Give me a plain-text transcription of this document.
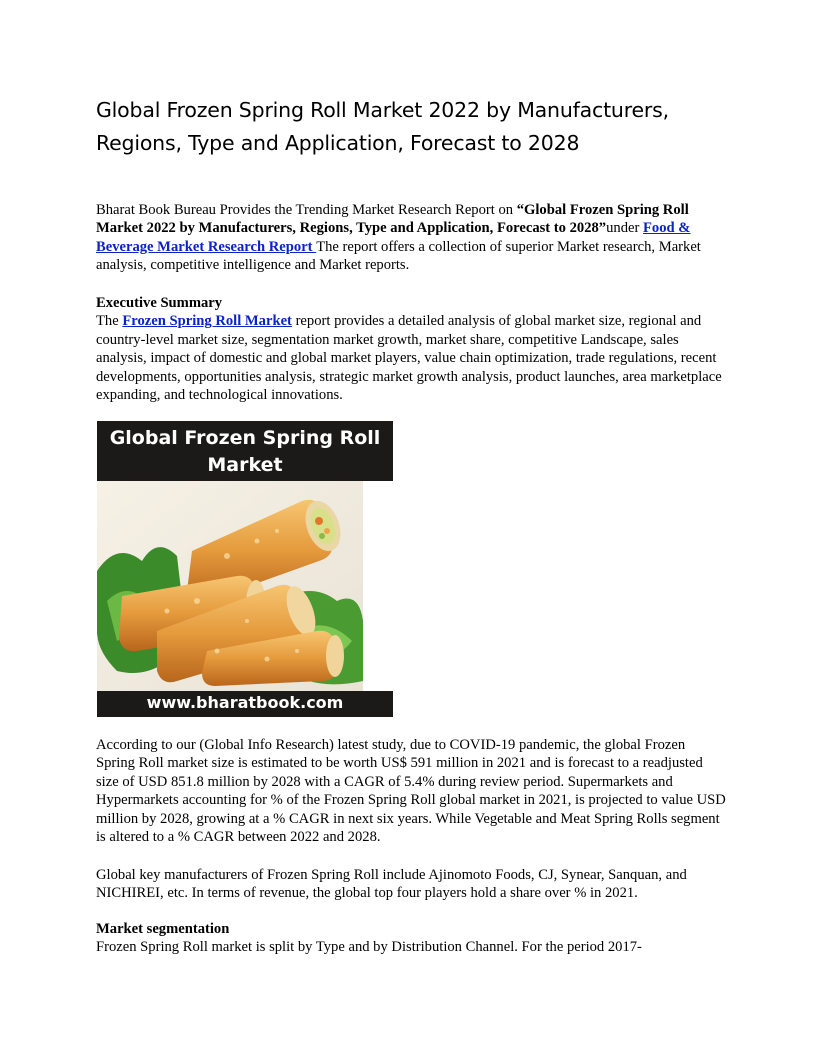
Global Frozen Spring Roll Market 2022 by Manufacturers, Regions, Type and Application, Forecast to 2028

Bharat Book Bureau Provides the Trending Market Research Report on “Global Frozen Spring Roll Market 2022 by Manufacturers, Regions, Type and Application, Forecast to 2028”under Food & Beverage Market Research Report The report offers a collection of superior Market research, Market analysis, competitive intelligence and Market reports.

Executive Summary
The Frozen Spring Roll Market report provides a detailed analysis of global market size, regional and country-level market size, segmentation market growth, market share, competitive Landscape, sales analysis, impact of domestic and global market players, value chain optimization, trade regulations, recent developments, opportunities analysis, strategic market growth analysis, product launches, area marketplace expanding, and technological innovations.

Global Frozen Spring Roll Market

www.bharatbook.com

According to our (Global Info Research) latest study, due to COVID-19 pandemic, the global Frozen Spring Roll market size is estimated to be worth US$ 591 million in 2021 and is forecast to a readjusted size of USD 851.8 million by 2028 with a CAGR of 5.4% during review period. Supermarkets and Hypermarkets accounting for % of the Frozen Spring Roll global market in 2021, is projected to value USD million by 2028, growing at a % CAGR in next six years. While Vegetable and Meat Spring Rolls segment is altered to a % CAGR between 2022 and 2028.

Global key manufacturers of Frozen Spring Roll include Ajinomoto Foods, CJ, Synear, Sanquan, and NICHIREI, etc. In terms of revenue, the global top four players hold a share over % in 2021.

Market segmentation
Frozen Spring Roll market is split by Type and by Distribution Channel. For the period 2017-
